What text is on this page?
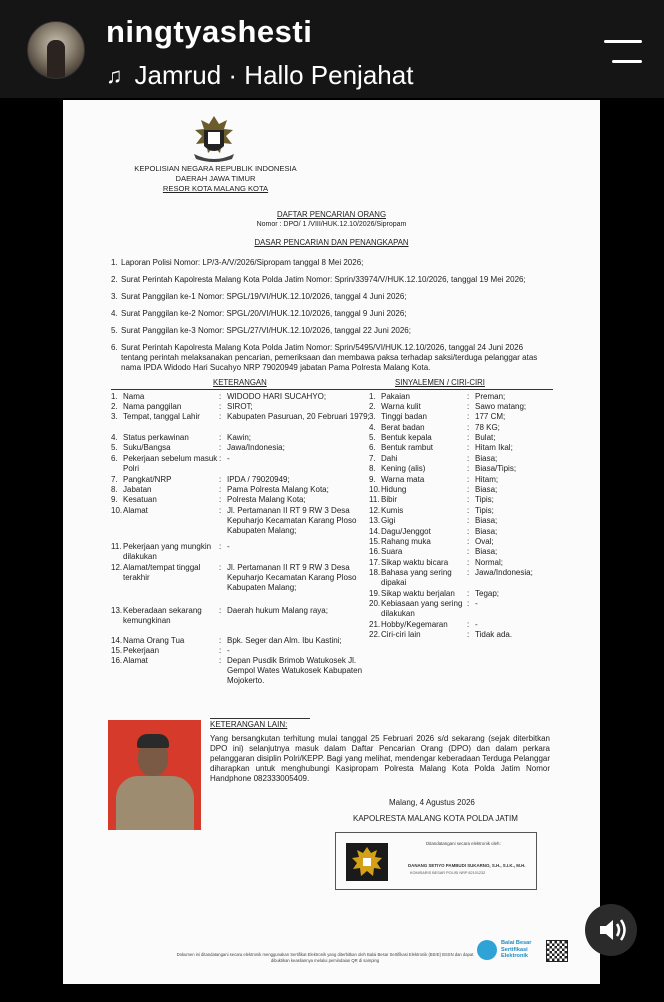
ningtyashesti
♫ Jamrud · Hallo Penjahat
KEPOLISIAN NEGARA REPUBLIK INDONESIA
DAERAH JAWA TIMUR
RESOR KOTA MALANG KOTA
DAFTAR PENCARIAN ORANG
Nomor : DPO/ 1 /VIII/HUK.12.10/2026/Sipropam
DASAR PENCARIAN DAN PENANGKAPAN
1. Laporan Polisi Nomor: LP/3-A/V/2026/Sipropam tanggal 8 Mei 2026;
2. Surat Perintah Kapolresta Malang Kota Polda Jatim Nomor: Sprin/33974/V/HUK.12.10/2026, tanggal 19 Mei 2026;
3. Surat Panggilan ke-1 Nomor: SPGL/19/VI/HUK.12.10/2026, tanggal 4 Juni 2026;
4. Surat Panggilan ke-2 Nomor: SPGL/20/VI/HUK.12.10/2026, tanggal 9 Juni 2026;
5. Surat Panggilan ke-3 Nomor: SPGL/27/VI/HUK.12.10/2026, tanggal 22 Juni 2026;
6. Surat Perintah Kapolresta Malang Kota Polda Jatim Nomor: Sprin/5495/VI/HUK.12.10/2026, tanggal 24 Juni 2026 tentang perintah melaksanakan pencarian, pemeriksaan dan membawa paksa terhadap saksi/terduga pelanggar atas nama IPDA Widodo Hari Sucahyo NRP 79020949 jabatan Pama Polresta Malang Kota.
KETERANGAN	SINYALEMEN / CIRI-CIRI
1. Nama	: WIDODO HARI SUCAHYO;
2. Nama panggilan	: SIROT;
3. Tempat, tanggal Lahir	: Kabupaten Pasuruan, 20 Februari 1979;
4. Status perkawinan	: Kawin;
5. Suku/Bangsa	: Jawa/Indonesia;
6. Pekerjaan sebelum masuk Polri
: -
7. Pangkat/NRP	: IPDA / 79020949;
8. Jabatan	: Pama Polresta Malang Kota;
9. Kesatuan	: Polresta Malang Kota;
10. Alamat	: Jl. Pertamanan II RT 9 RW 3 Desa Kepuharjo Kecamatan Karang Ploso Kabupaten Malang;
11. Pekerjaan yang mungkin dilakukan
: -
12. Alamat/tempat tinggal terakhir
: Jl. Pertamanan II RT 9 RW 3 Desa Kepuharjo Kecamatan Karang Ploso Kabupaten Malang;
13. Keberadaan sekarang kemungkinan
: Daerah hukum Malang raya;
14. Nama Orang Tua	: Bpk. Seger dan Alm. Ibu Kastini;
15. Pekerjaan	: -
16. Alamat	: Depan Pusdik Brimob Watukosek Jl. Gempol Wates Watukosek Kabupaten Mojokerto.
1. Pakaian	: Preman;
2. Warna kulit	: Sawo matang;
3. Tinggi badan	: 177 CM;
4. Berat badan	: 78 KG;
5. Bentuk kepala	: Bulat;
6. Bentuk rambut	: Hitam Ikal;
7. Dahi	: Biasa;
8. Kening (alis)	: Biasa/Tipis;
9. Warna mata	: Hitam;
10. Hidung	: Biasa;
11. Bibir	: Tipis;
12. Kumis	: Tipis;
13. Gigi	: Biasa;
14. Dagu/Jenggot	: Biasa;
15. Rahang muka	: Oval;
16. Suara	: Biasa;
17. Sikap waktu bicara	: Normal;
18. Bahasa yang sering dipakai
: Jawa/Indonesia;
19. Sikap waktu berjalan	: Tegap;
20. Kebiasaan yang sering dilakukan
: -
21. Hobby/Kegemaran	: -
22. Ciri-ciri lain	: Tidak ada.
KETERANGAN LAIN:
Yang bersangkutan terhitung mulai tanggal 25 Februari 2026 s/d sekarang (sejak diterbitkan DPO ini) selanjutnya masuk dalam Daftar Pencarian Orang (DPO) dan dalam perkara pelanggaran disiplin Polri/KEPP. Bagi yang melihat, mendengar keberadaan Terduga Pelanggar diharapkan untuk menghubungi Kasipropam Polresta Malang Kota Polda Jatim Nomor Handphone 082333005409.
Malang, 4 Agustus 2026
KAPOLRESTA MALANG KOTA POLDA JATIM
Ditandatangani secara elektronik oleh:
DANANG SETIYO PAMBUDI SUKARNO, S.H., S.I.K., M.H.
KOMISARIS BESAR POLISI NRP 82101232
Dokumen ini ditandatangani secara elektronik menggunakan Sertifikat Elektronik yang diterbitkan oleh Balai Besar Sertifikasi Elektronik (BSrE) BSSN dan dapat dibuktikan keasliannya melalui pemindaian QR di samping
Balai Besar
Sertifikasi
Elektronik
